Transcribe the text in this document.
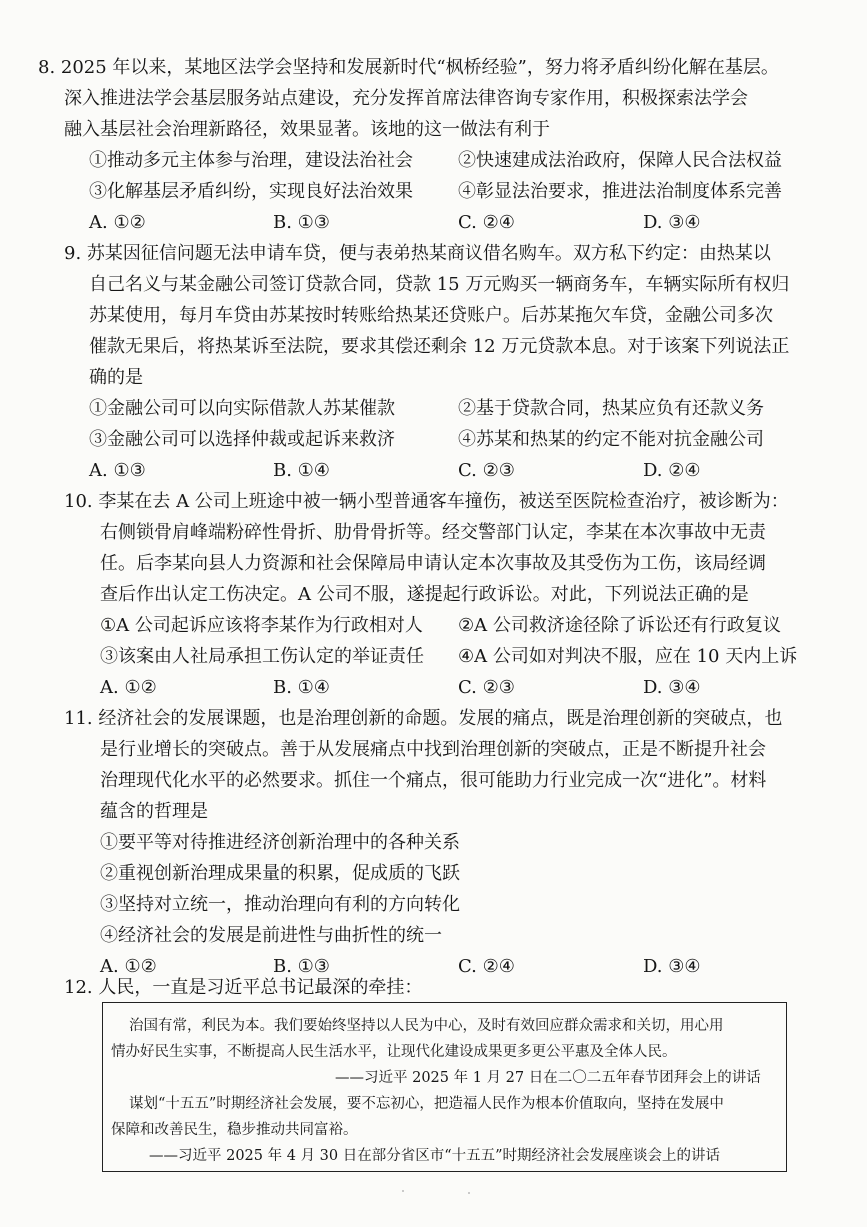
8. 2025 年以来，某地区法学会坚持和发展新时代“枫桥经验”，努力将矛盾纠纷化解在基层。
深入推进法学会基层服务站点建设，充分发挥首席法律咨询专家作用，积极探索法学会
融入基层社会治理新路径，效果显著。该地的这一做法有利于
①推动多元主体参与治理，建设法治社会	②快速建成法治政府，保障人民合法权益
③化解基层矛盾纠纷，实现良好法治效果	④彰显法治要求，推进法治制度体系完善
A. ①②	B. ①③	C. ②④	D. ③④
9. 苏某因征信问题无法申请车贷，便与表弟热某商议借名购车。双方私下约定：由热某以
自己名义与某金融公司签订贷款合同，贷款 15 万元购买一辆商务车，车辆实际所有权归
苏某使用，每月车贷由苏某按时转账给热某还贷账户。后苏某拖欠车贷，金融公司多次
催款无果后，将热某诉至法院，要求其偿还剩余 12 万元贷款本息。对于该案下列说法正
确的是
①金融公司可以向实际借款人苏某催款	②基于贷款合同，热某应负有还款义务
③金融公司可以选择仲裁或起诉来救济	④苏某和热某的约定不能对抗金融公司
A. ①③	B. ①④	C. ②③	D. ②④
10. 李某在去 A 公司上班途中被一辆小型普通客车撞伤，被送至医院检查治疗，被诊断为：
右侧锁骨肩峰端粉碎性骨折、肋骨骨折等。经交警部门认定，李某在本次事故中无责
任。后李某向县人力资源和社会保障局申请认定本次事故及其受伤为工伤，该局经调
查后作出认定工伤决定。A 公司不服，遂提起行政诉讼。对此，下列说法正确的是
①A 公司起诉应该将李某作为行政相对人 ②A 公司救济途径除了诉讼还有行政复议
③该案由人社局承担工伤认定的举证责任 ④A 公司如对判决不服，应在 10 天内上诉
A. ①②	B. ①④	C. ②③	D. ③④
11. 经济社会的发展课题，也是治理创新的命题。发展的痛点，既是治理创新的突破点，也
是行业增长的突破点。善于从发展痛点中找到治理创新的突破点，正是不断提升社会
治理现代化水平的必然要求。抓住一个痛点，很可能助力行业完成一次“进化”。材料
蕴含的哲理是
①要平等对待推进经济创新治理中的各种关系
②重视创新治理成果量的积累，促成质的飞跃
③坚持对立统一，推动治理向有利的方向转化
④经济社会的发展是前进性与曲折性的统一
A. ①②	B. ①③	C. ②④	D. ③④
12. 人民，一直是习近平总书记最深的牵挂：
治国有常，利民为本。我们要始终坚持以人民为中心，及时有效回应群众需求和关切，用心用
情办好民生实事，不断提高人民生活水平，让现代化建设成果更多更公平惠及全体人民。
——习近平 2025 年 1 月 27 日在二〇二五年春节团拜会上的讲话
谋划“十五五”时期经济社会发展，要不忘初心，把造福人民作为根本价值取向，坚持在发展中
保障和改善民生，稳步推动共同富裕。
——习近平 2025 年 4 月 30 日在部分省区市“十五五”时期经济社会发展座谈会上的讲话
